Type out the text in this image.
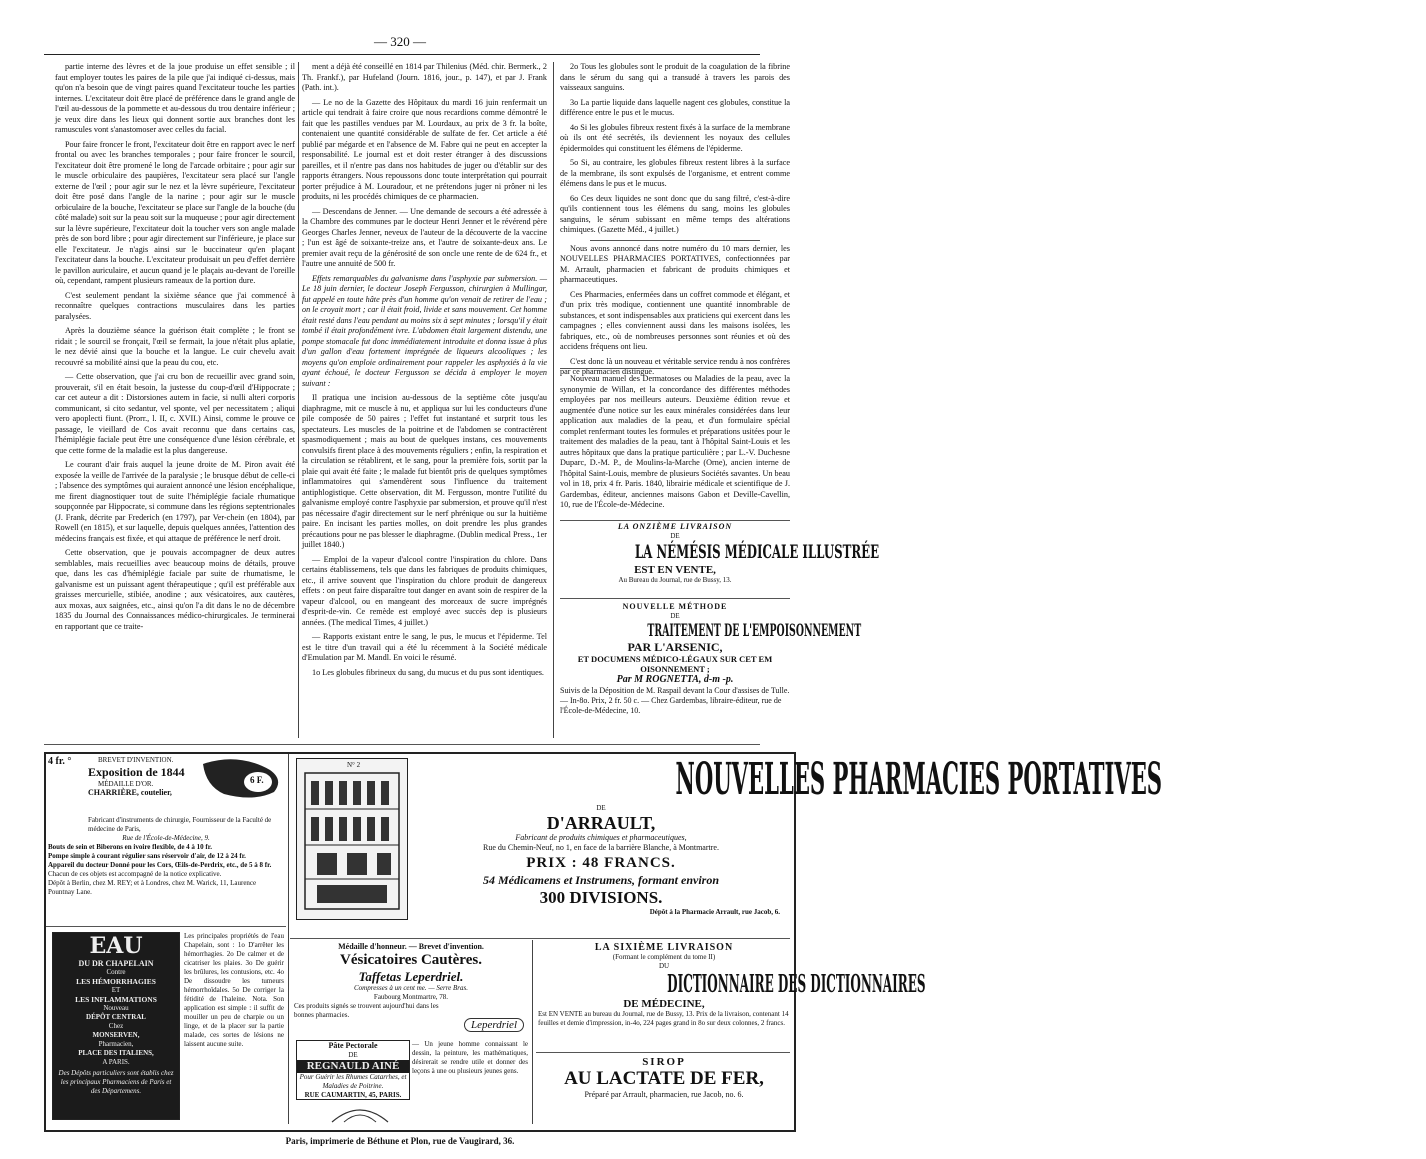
— 320 —

partie interne des lèvres et de la joue produise un effet sensible ; il faut employer toutes les paires de la pile que j'ai indiqué ci-dessus, mais qu'on n'a besoin que de vingt paires quand l'excitateur touche les parties internes. L'excitateur doit être placé de préférence dans le grand angle de l'œil au-dessous de la pommette et au-dessous du trou dentaire inférieur ; je veux dire dans les lieux qui donnent sortie aux branches dont les ramuscules vont s'anastomoser avec celles du facial.

Pour faire froncer le front, l'excitateur doit être en rapport avec le nerf frontal ou avec les branches temporales ; pour faire froncer le sourcil, l'excitateur doit être promené le long de l'arcade orbitaire ; pour agir sur le muscle orbiculaire des paupières, l'excitateur sera placé sur l'angle externe de l'œil ; pour agir sur le nez et la lèvre supérieure, l'excitateur doit être posé dans l'angle de la narine ; pour agir sur le muscle orbiculaire de la bouche, l'excitateur se place sur l'angle de la bouche (du côté malade) soit sur la peau soit sur la muqueuse ; pour agir directement sur la lèvre supérieure, l'excitateur doit la toucher vers son angle malade près de son bord libre ; pour agir directement sur l'inférieure, je place sur elle l'excitateur. Je n'agis ainsi sur le buccinateur qu'en plaçant l'excitateur dans la bouche. L'excitateur produisait un peu d'effet derrière le pavillon auriculaire, et aucun quand je le plaçais au-devant de l'oreille où, cependant, rampent plusieurs rameaux de la portion dure.

C'est seulement pendant la sixième séance que j'ai commencé à reconnaître quelques contractions musculaires dans les parties paralysées.

Après la douzième séance la guérison était complète ; le front se ridait ; le sourcil se fronçait, l'œil se fermait, la joue n'était plus aplatie, le nez dévié ainsi que la bouche et la langue. Le cuir chevelu avait recouvré sa mobilité ainsi que la peau du cou, etc.

— Cette observation, que j'ai cru bon de recueillir avec grand soin, prouverait, s'il en était besoin, la justesse du coup-d'œil d'Hippocrate ; car cet auteur a dit : Distorsiones autem in facie, si nulli alteri corporis communicant, si cito sedantur, vel sponte, vel per necessitatem ; aliqui vero apoplecti fiunt. (Prorr., l. II, c. XVII.) Ainsi, comme le prouve ce passage, le vieillard de Cos avait reconnu que dans certains cas, l'hémiplégie faciale peut être une conséquence d'une lésion cérébrale, et que cette forme de la maladie est la plus dangereuse.

Le courant d'air frais auquel la jeune droite de M. Piron avait été exposée la veille de l'arrivée de la paralysie ; le brusque début de celle-ci ; l'absence des symptômes qui auraient annoncé une lésion encéphalique, me firent diagnostiquer tout de suite l'hémiplégie faciale rhumatique soupçonnée par Hippocrate, si commune dans les régions septentrionales (J. Frank, décrite par Frederich (en 1797), par Ver-chein (en 1804), par Rowell (en 1815), et sur laquelle, depuis quelques années, l'attention des médecins français est fixée, et qui attaque de préférence le nerf droit.

Cette observation, que je pouvais accompagner de deux autres semblables, mais recueillies avec beaucoup moins de détails, prouve que, dans les cas d'hémiplégie faciale par suite de rhumatisme, le galvanisme est un puissant agent thérapeutique ; qu'il est préférable aux graisses mercurielle, stibiée, anodine ; aux vésicatoires, aux cautères, aux moxas, aux saignées, etc., ainsi qu'on l'a dit dans le no de décembre 1835 du Journal des Connaissances médico-chirurgicales. Je terminerai en rapportant que ce traite-

ment a déjà été conseillé en 1814 par Thilenius (Méd. chir. Bermerk., 2 Th. Frankf.), par Hufeland (Journ. 1816, jour., p. 147), et par J. Frank (Path. int.).

— Le no de la Gazette des Hôpitaux du mardi 16 juin renfermait un article qui tendrait à faire croire que nous recardions comme démontré le fait que les pastilles vendues par M. Lourdaux, au prix de 3 fr. la boîte, contenaient une quantité considérable de sulfate de fer. Cet article a été publié par mégarde et en l'absence de M. Fabre qui ne peut en accepter la responsabilité. Le journal est et doit rester étranger à des discussions pareilles, et il n'entre pas dans nos habitudes de juger ou d'établir sur des rapports étrangers. Nous repoussons donc toute interprétation qui pourrait porter préjudice à M. Louradour, et ne prétendons juger ni prôner ni les produits, ni les procédés chimiques de ce pharmacien.

— Descendans de Jenner. — Une demande de secours a été adressée à la Chambre des communes par le docteur Henri Jenner et le révérend père Georges Charles Jenner, neveux de l'auteur de la découverte de la vaccine ; l'un est âgé de soixante-treize ans, et l'autre de soixante-deux ans. Le premier avait reçu de la générosité de son oncle une rente de de 624 fr., et l'autre une annuité de 500 fr.

Effets remarquables du galvanisme dans l'asphyxie par submersion. — Le 18 juin dernier, le docteur Joseph Fergusson, chirurgien à Mullingar, fut appelé en toute hâte près d'un homme qu'on venait de retirer de l'eau ; on le croyait mort ; car il était froid, livide et sans mouvement. Cet homme était resté dans l'eau pendant au moins six à sept minutes ; lorsqu'il y était tombé il était profondément ivre. L'abdomen était largement distendu, une pompe stomacale fut donc immédiatement introduite et donna issue à plus d'un gallon d'eau fortement imprégnée de liqueurs alcooliques ; les moyens qu'on emploie ordinairement pour rappeler les asphyxiés à la vie ayant échoué, le docteur Fergusson se décida à employer le moyen suivant :

Il pratiqua une incision au-dessous de la septième côte jusqu'au diaphragme, mit ce muscle à nu, et appliqua sur lui les conducteurs d'une pile composée de 50 paires ; l'effet fut instantané et surprit tous les spectateurs. Les muscles de la poitrine et de l'abdomen se contractèrent spasmodiquement ; mais au bout de quelques instans, ces mouvements convulsifs firent place à des mouvements réguliers ; enfin, la respiration et la circulation se rétablirent, et le sang, pour la première fois, sortit par la plaie qui avait été faite ; le malade fut bientôt pris de quelques symptômes inflammatoires qui s'amendèrent sous l'influence du traitement antiphlogistique. Cette observation, dit M. Fergusson, montre l'utilité du galvanisme employé contre l'asphyxie par submersion, et prouve qu'il n'est pas nécessaire d'agir directement sur le nerf phrénique ou sur la huitième paire. En incisant les parties molles, on doit prendre les plus grandes précautions pour ne pas blesser le diaphragme. (Dublin medical Press., 1er juillet 1840.)

— Emploi de la vapeur d'alcool contre l'inspiration du chlore. Dans certains établissemens, tels que dans les fabriques de produits chimiques, etc., il arrive souvent que l'inspiration du chlore produit de dangereux effets : on peut faire disparaître tout danger en avant soin de respirer de la vapeur d'alcool, ou en mangeant des morceaux de sucre imprégnés d'esprit-de-vin. Ce remède est employé avec succès dep is plusieurs années. (The medical Times, 4 juillet.)

— Rapports existant entre le sang, le pus, le mucus et l'épiderme. Tel est le titre d'un travail qui a été lu récemment à la Société médicale d'Emulation par M. Mandl. En voici le résumé.

1o Les globules fibrineux du sang, du mucus et du pus sont identiques.

2o Tous les globules sont le produit de la coagulation de la fibrine dans le sérum du sang qui a transudé à travers les parois des vaisseaux sanguins.

3o La partie liquide dans laquelle nagent ces globules, constitue la différence entre le pus et le mucus.

4o Si les globules fibreux restent fixés à la surface de la membrane où ils ont été secrétés, ils deviennent les noyaux des cellules épidermoïdes qui constituent les élémens de l'épiderme.

5o Si, au contraire, les globules fibreux restent libres à la surface de la membrane, ils sont expulsés de l'organisme, et entrent comme élémens dans le pus et le mucus.

6o Ces deux liquides ne sont donc que du sang filtré, c'est-à-dire qu'ils contiennent tous les élémens du sang, moins les globules sanguins, le sérum subissant en même temps des altérations chimiques. (Gazette Méd., 4 juillet.)

Nous avons annoncé dans notre numéro du 10 mars dernier, les NOUVELLES PHARMACIES PORTATIVES, confectionnées par M. Arrault, pharmacien et fabricant de produits chimiques et pharmaceutiques.

Ces Pharmacies, enfermées dans un coffret commode et élégant, et d'un prix très modique, contiennent une quantité innombrable de substances, et sont indispensables aux praticiens qui exercent dans les campagnes ; elles conviennent aussi dans les maisons isolées, les fabriques, etc., où de nombreuses personnes sont réunies et où des accidens fréquens ont lieu.

C'est donc là un nouveau et véritable service rendu à nos confrères par ce pharmacien distingué.

Nouveau manuel des Dermatoses ou Maladies de la peau, avec la synonymie de Willan, et la concordance des différentes méthodes employées par nos meilleurs auteurs. Deuxième édition revue et augmentée d'une notice sur les eaux minérales considérées dans leur application aux maladies de la peau, et d'un formulaire spécial complet renfermant toutes les formules et préparations usitées pour le traitement des maladies de la peau, tant à l'hôpital Saint-Louis et les autres hôpitaux que dans la pratique particulière ; par L.-V. Duchesne Duparc, D.-M. P., de Moulins-la-Marche (Orne), ancien interne de l'hôpital Saint-Louis, membre de plusieurs Sociétés savantes. Un beau vol in 18, prix 4 fr. Paris. 1840, librairie médicale et scientifique de J. Gardembas, éditeur, anciennes maisons Gabon et Deville-Cavellin, 10, rue de l'École-de-Médecine.

LA ONZIÈME LIVRAISON
DE
LA NÉMÉSIS MÉDICALE ILLUSTRÉE
EST EN VENTE,
Au Bureau du Journal, rue de Bussy, 13.
NOUVELLE MÉTHODE
DE
TRAITEMENT DE L'EMPOISONNEMENT
PAR L'ARSENIC,
ET DOCUMENS MÉDICO-LÉGAUX SUR CET EM OISONNEMENT ;
Par M ROGNETTA, d-m -p.
Suivis de la Déposition de M. Raspail devant la Cour d'assises de Tulle. — In-8o. Prix, 2 fr. 50 c. — Chez Gardembas, libraire-éditeur, rue de l'École-de-Médecine, 10.
4 fr. °	BREVET D'INVENTION.
Exposition de 1844
MÉDAILLE D'OR.
CHARRIÈRE, coutelier,
6 F.
Fabricant d'instruments de chirurgie, Fournisseur de la Faculté de médecine de Paris,
Rue de l'École-de-Médecine, 9.
Bouts de sein et Biberons en ivoire flexible, de 4 à 10 fr.
Pompe simple à courant régulier sans réservoir d'air, de 12 à 24 fr.
Appareil du docteur Donné pour les Cors, Œils-de-Perdrix, etc., de 5 à 8 fr.
Chacun de ces objets est accompagné de la notice explicative.
Dépôt à Berlin, chez M. REY; et à Londres, chez M. Warick, 11, Laurence Pountnay Lane.
EAU
DU DR CHAPELAIN
Contre
LES HÉMORRHAGIES
ET
LES INFLAMMATIONS
Nouveau
DÉPÔT CENTRAL
Chez
MONSERVEN,
Pharmacien,
PLACE DES ITALIENS,
A PARIS.
Des Dépôts particuliers sont établis chez les principaux Pharmaciens de Paris et des Départemens.
Les principales propriétés de l'eau Chapelain, sont : 1o D'arrêter les hémorrhagies. 2o De calmer et de cicatriser les plaies. 3o De guérir les brûlures, les contusions, etc. 4o De dissoudre les tumeurs hémorrhoïdales. 5o De corriger la fétidité de l'haleine. Nota. Son application est simple : il suffit de mouiller un peu de charpie ou un linge, et de la placer sur la partie malade, ces sortes de lésions ne laissent aucune suite.
N° 2	NOUVELLES PHARMACIES PORTATIVES
DE
D'ARRAULT,
Fabricant de produits chimiques et pharmaceutiques,
Rue du Chemin-Neuf, no 1, en face de la barrière Blanche, à Montmartre.
PRIX : 48 FRANCS.
54 Médicamens et Instrumens, formant environ
300 DIVISIONS.
Dépôt à la Pharmacie Arrault, rue Jacob, 6.
Médaille d'honneur. — Brevet d'invention.
Vésicatoires Cautères.
Taffetas Leperdriel.
Compresses à un cent me. — Serre Bras.
Faubourg Montmartre, 78.
Ces produits signés se trouvent aujourd'hui dans les bonnes pharmacies.
Leperdriel
Pâte Pectorale
DE
REGNAULD AINÉ
Pour Guérir les Rhumes Catarrhes, et Maladies de Poitrine.
RUE CAUMARTIN, 45, PARIS.
— Un jeune homme connaissant le dessin, la peinture, les mathématiques, désirerait se rendre utile et donner des leçons à une ou plusieurs jeunes gens.
LA SIXIÈME LIVRAISON
(Formant le complément du tome II)
DU
DICTIONNAIRE DES DICTIONNAIRES
DE MÉDECINE,
Est EN VENTE au bureau du Journal, rue de Bussy, 13. Prix de la livraison, contenant 14 feuilles et demie d'impression, in-4o, 224 pages grand in 8o sur deux colonnes, 2 francs.
SIROP
AU LACTATE DE FER,
Préparé par Arrault, pharmacien, rue Jacob, no. 6.
Paris, imprimerie de Béthune et Plon, rue de Vaugirard, 36.
